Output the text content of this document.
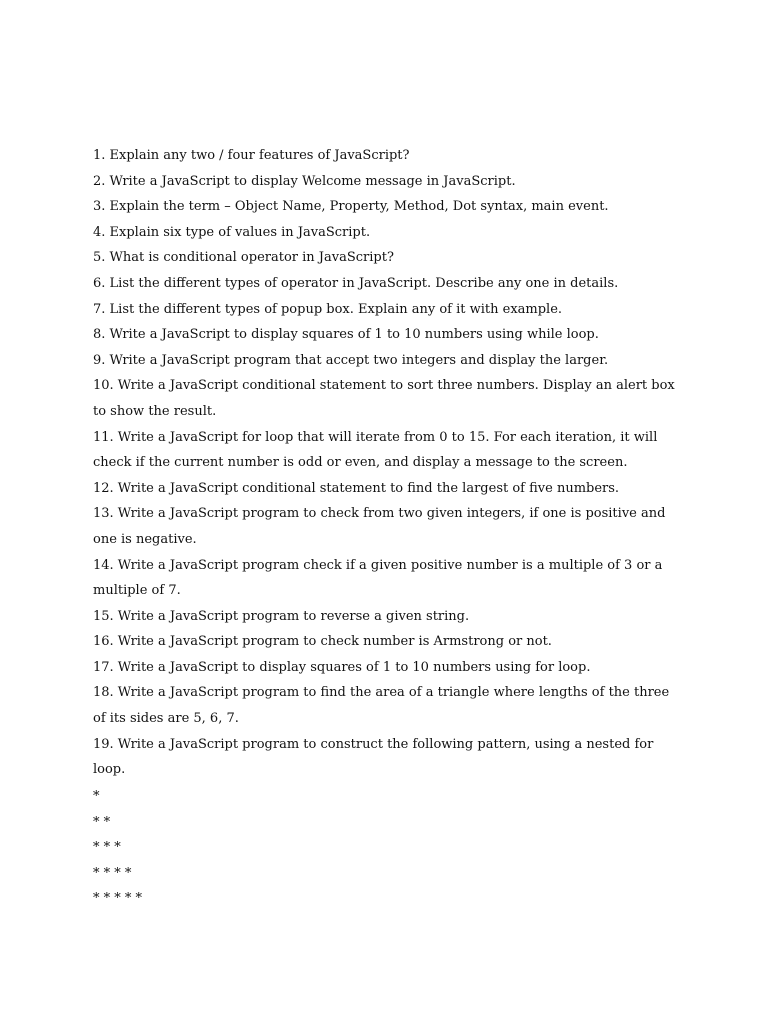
1. Explain any two / four features of JavaScript?
2. Write a JavaScript to display Welcome message in JavaScript.
3. Explain the term – Object Name, Property, Method, Dot syntax, main event.
4. Explain six type of values in JavaScript.
5. What is conditional operator in JavaScript?
6. List the different types of operator in JavaScript. Describe any one in details.
7. List the different types of popup box. Explain any of it with example.
8. Write a JavaScript to display squares of 1 to 10 numbers using while loop.
9. Write a JavaScript program that accept two integers and display the larger.
10. Write a JavaScript conditional statement to sort three numbers. Display an alert box to show the result.
11. Write a JavaScript for loop that will iterate from 0 to 15. For each iteration, it will check if the current number is odd or even, and display a message to the screen.
12. Write a JavaScript conditional statement to find the largest of five numbers.
13. Write a JavaScript program to check from two given integers, if one is positive and one is negative.
14. Write a JavaScript program check if a given positive number is a multiple of 3 or a multiple of 7.
15. Write a JavaScript program to reverse a given string.
16. Write a JavaScript program to check number is Armstrong or not.
17. Write a JavaScript to display squares of 1 to 10 numbers using for loop.
18. Write a JavaScript program to find the area of a triangle where lengths of the three of its sides are 5, 6, 7.
19. Write a JavaScript program to construct the following pattern, using a nested for loop.
*
* *
* * *
* * * *
* * * * *
